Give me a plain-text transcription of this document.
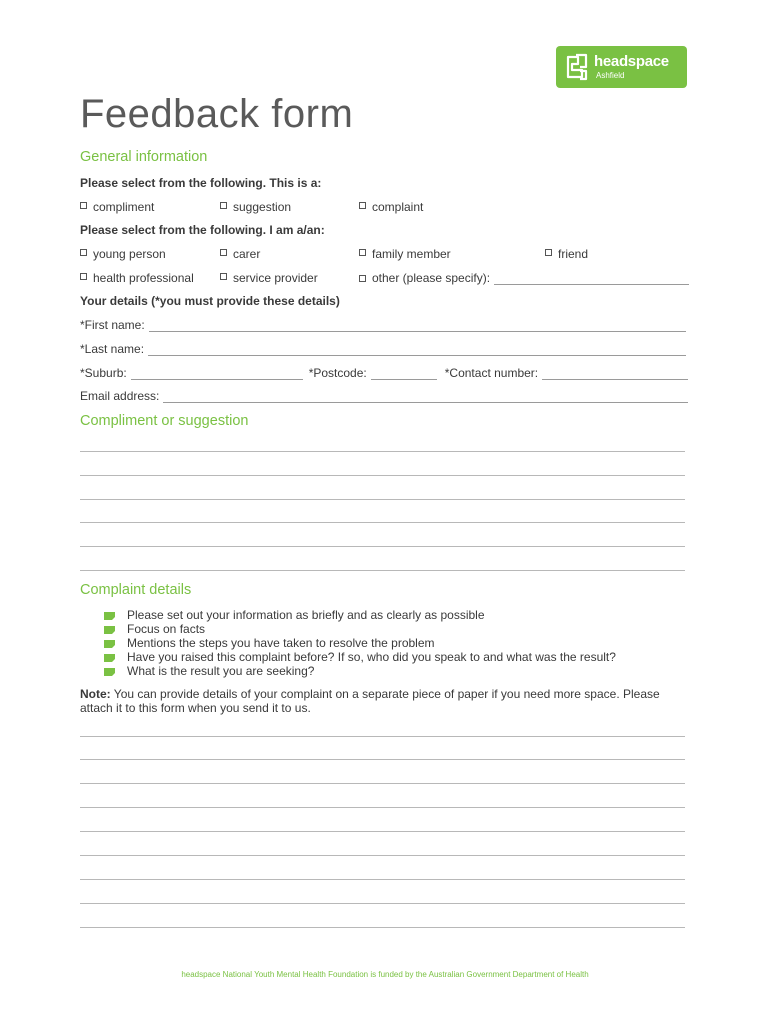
headspace
Ashfield
Feedback form
General information
Please select from the following. This is a:
compliment	suggestion	complaint
Please select from the following. I am a/an:
young person	carer	family member	friend
health professional	service provider	other (please specify):
Your details (*you must provide these details)
*First name:
*Last name:
*Suburb:	*Postcode:	*Contact number:
Email address:
Compliment or suggestion
Complaint details
Please set out your information as briefly and as clearly as possible
Focus on facts
Mentions the steps you have taken to resolve the problem
Have you raised this complaint before? If so, who did you speak to and what was the result?
What is the result you are seeking?
Note: You can provide details of your complaint on a separate piece of paper if you need more space. Please attach it to this form when you send it to us.
headspace National Youth Mental Health Foundation is funded by the Australian Government Department of Health
